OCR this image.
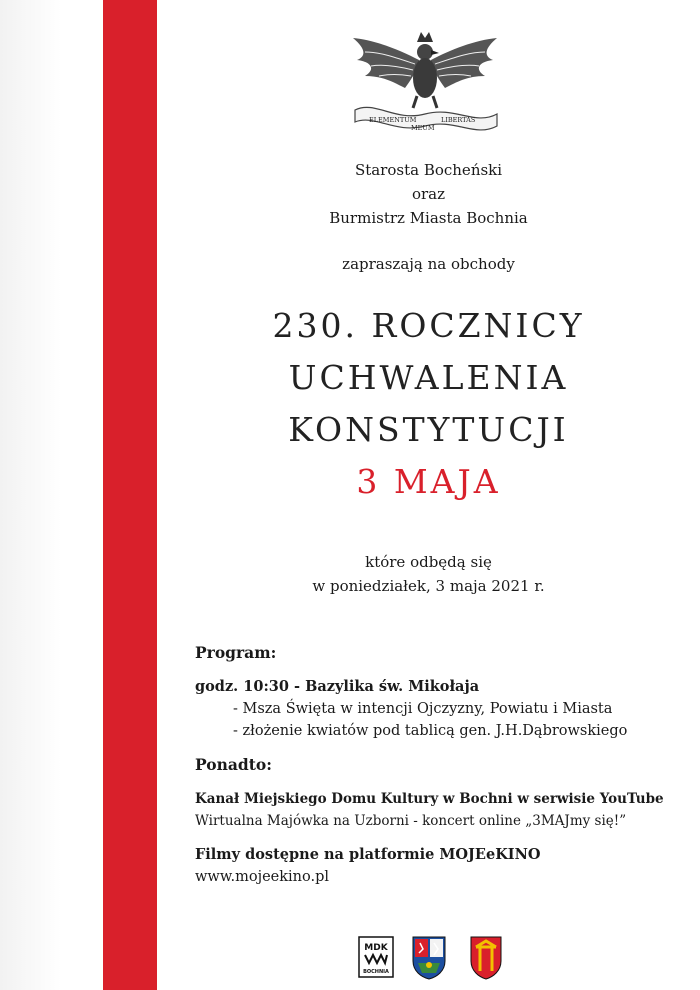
ELEMENTUM
MEUM
LIBERTAS
Starosta Bocheński
oraz
Burmistrz Miasta Bochnia
zapraszają na obchody
230. ROCZNICY
UCHWALENIA
KONSTYTUCJI
3 MAJA
które odbędą się
w poniedziałek, 3 maja 2021 r.
Program:
godz. 10:30 - Bazylika św. Mikołaja
- Msza Święta w intencji Ojczyzny, Powiatu i Miasta
- złożenie kwiatów pod tablicą gen. J.H.Dąbrowskiego
Ponadto:
Kanał Miejskiego Domu Kultury w Bochni w serwisie YouTube
Wirtualna Majówka na Uzborni - koncert online „3MAJmy się!”
Filmy dostępne na platformie MOJEeKINO
www.mojeekino.pl
MDK
BOCHNIA
